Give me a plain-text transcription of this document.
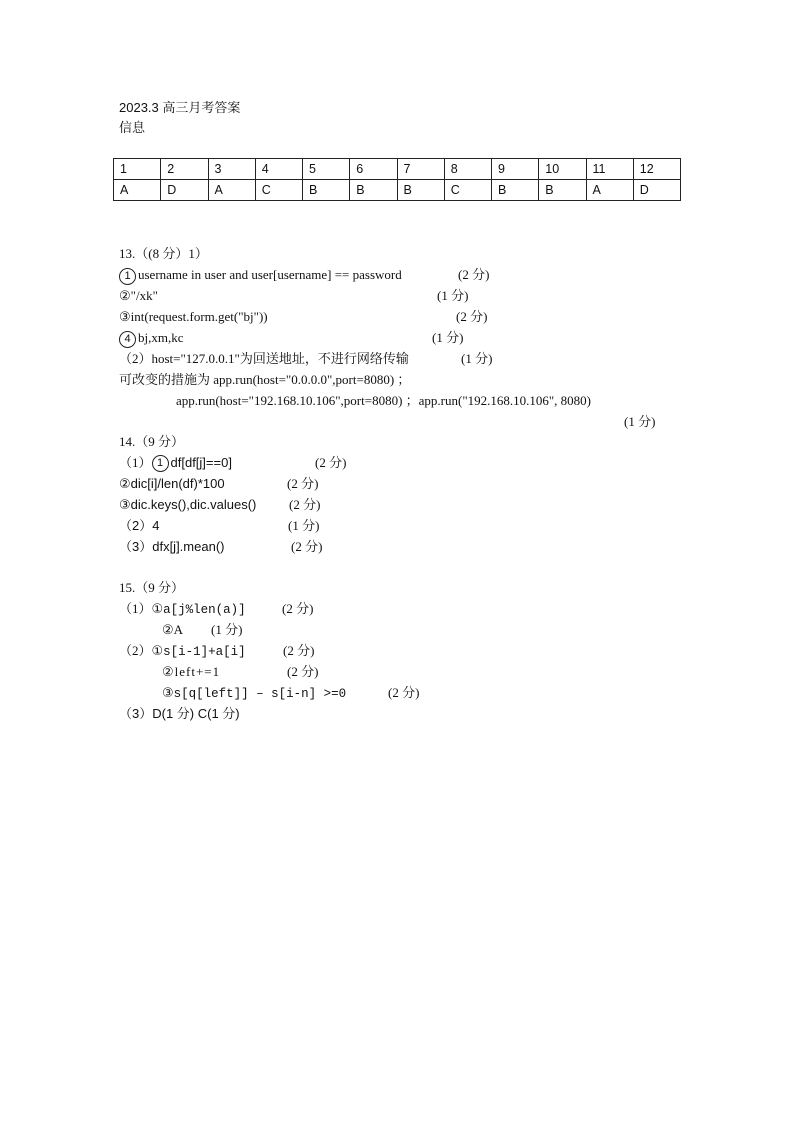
2023.3 高三月考答案
信息
1	2	3	4	5	6	7	8	9	10	11	12
A	D	A	C	B	B	B	C	B	B	A	D
13.（(8 分）1）
1 username in user and user[username] == password	(2 分)
②"/xk"	(1 分)
③int(request.form.get("bj"))	(2 分)
4 bj,xm,kc	(1 分)
（2）host="127.0.0.1"为回送地址，不进行网络传输	(1 分)
可改变的措施为 app.run(host="0.0.0.0",port=8080) ；
app.run(host="192.168.10.106",port=8080) ；app.run("192.168.10.106", 8080)
(1 分)
14.（9 分）
（1） 1 df[df[j]==0]	(2 分)
②dic[i]/len(df)*100	(2 分)
③dic.keys(),dic.values()	(2 分)
（2）4	(1 分)
（3）dfx[j].mean()	(2 分)
15.（9 分）
（1）①a[j%len(a)]	(2 分)
②A (1 分)
（2）①s[i-1]+a[i]	(2 分)
②left+=1	(2 分)
③s[q[left]] – s[i-n] >=0	(2 分)
（3）D(1 分) C(1 分)
